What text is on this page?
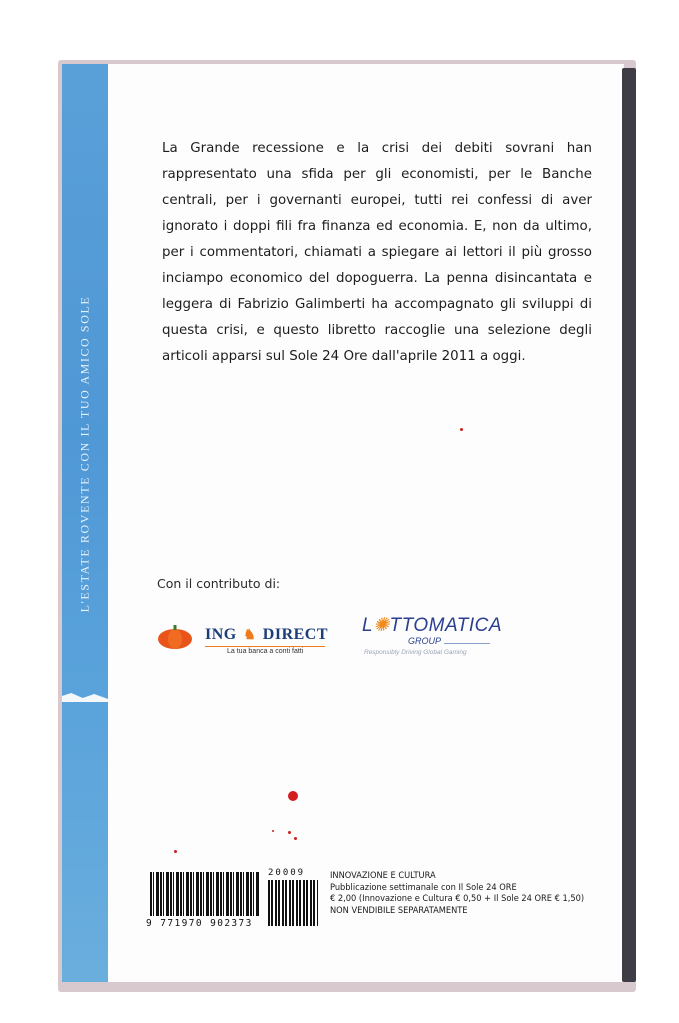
L'ESTATE ROVENTE CON IL TUO AMICO SOLE

La Grande recessione e la crisi dei debiti sovrani han rappresentato una sfida per gli economisti, per le Banche centrali, per i governanti europei, tutti rei confessi di aver ignorato i doppi fili fra finanza ed economia. E, non da ultimo, per i commentatori, chiamati a spiegare ai lettori il più grosso inciampo economico del dopoguerra. La penna disincantata e leggera di Fabrizio Galimberti ha accompagnato gli sviluppi di questa crisi, e questo libretto raccoglie una selezione degli articoli apparsi sul Sole 24 Ore dall'aprile 2011 a oggi.

Con il contributo di:
ING ♞ DIRECT
La tua banca a conti fatti
L✺TTOMATICA
GROUP
Responsibly Driving Global Gaming
9 771970 902373
20009	INNOVAZIONE E CULTURA
Pubblicazione settimanale con Il Sole 24 ORE
€ 2,00 (Innovazione e Cultura € 0,50 + Il Sole 24 ORE € 1,50)
NON VENDIBILE SEPARATAMENTE
